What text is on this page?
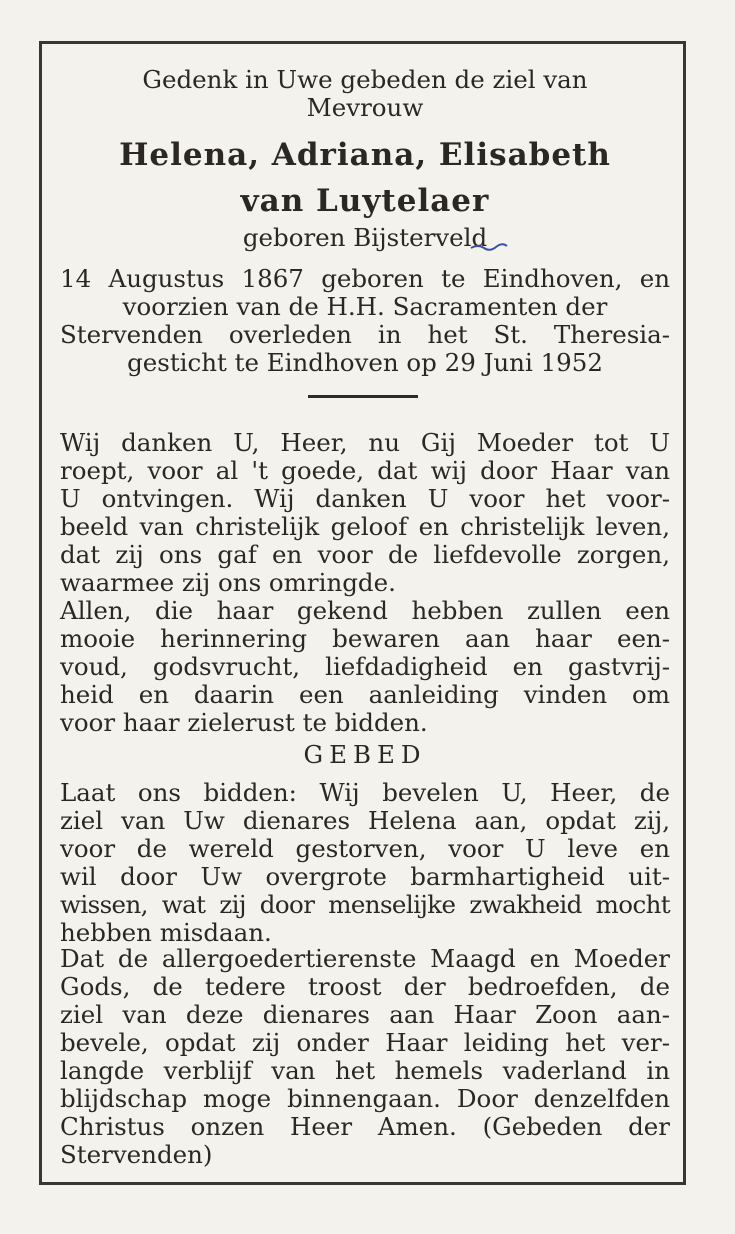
Gedenk in Uwe gebeden de ziel van
Mevrouw
Helena, Adriana, Elisabeth
van Luytelaer
geboren Bijsterveld
14 Augustus 1867 geboren te Eindhoven, en
voorzien van de H.H. Sacramenten der
Stervenden overleden in het St. Theresia-
gesticht te Eindhoven op 29 Juni 1952
Wij danken U, Heer, nu Gij Moeder tot U
roept, voor al 't goede, dat wij door Haar van
U ontvingen. Wij danken U voor het voor-
beeld van christelijk geloof en christelijk leven,
dat zij ons gaf en voor de liefdevolle zorgen,
waarmee zij ons omringde.
Allen, die haar gekend hebben zullen een
mooie herinnering bewaren aan haar een-
voud, godsvrucht, liefdadigheid en gastvrij-
heid en daarin een aanleiding vinden om
voor haar zielerust te bidden.
GEBED
Laat ons bidden: Wij bevelen U, Heer, de
ziel van Uw dienares Helena aan, opdat zij,
voor de wereld gestorven, voor U leve en
wil door Uw overgrote barmhartigheid uit-
wissen, wat zij door menselijke zwakheid mocht
hebben misdaan.
Dat de allergoedertierenste Maagd en Moeder
Gods, de tedere troost der bedroefden, de
ziel van deze dienares aan Haar Zoon aan-
bevele, opdat zij onder Haar leiding het ver-
langde verblijf van het hemels vaderland in
blijdschap moge binnengaan. Door denzelfden
Christus onzen Heer Amen. (Gebeden der
Stervenden)
